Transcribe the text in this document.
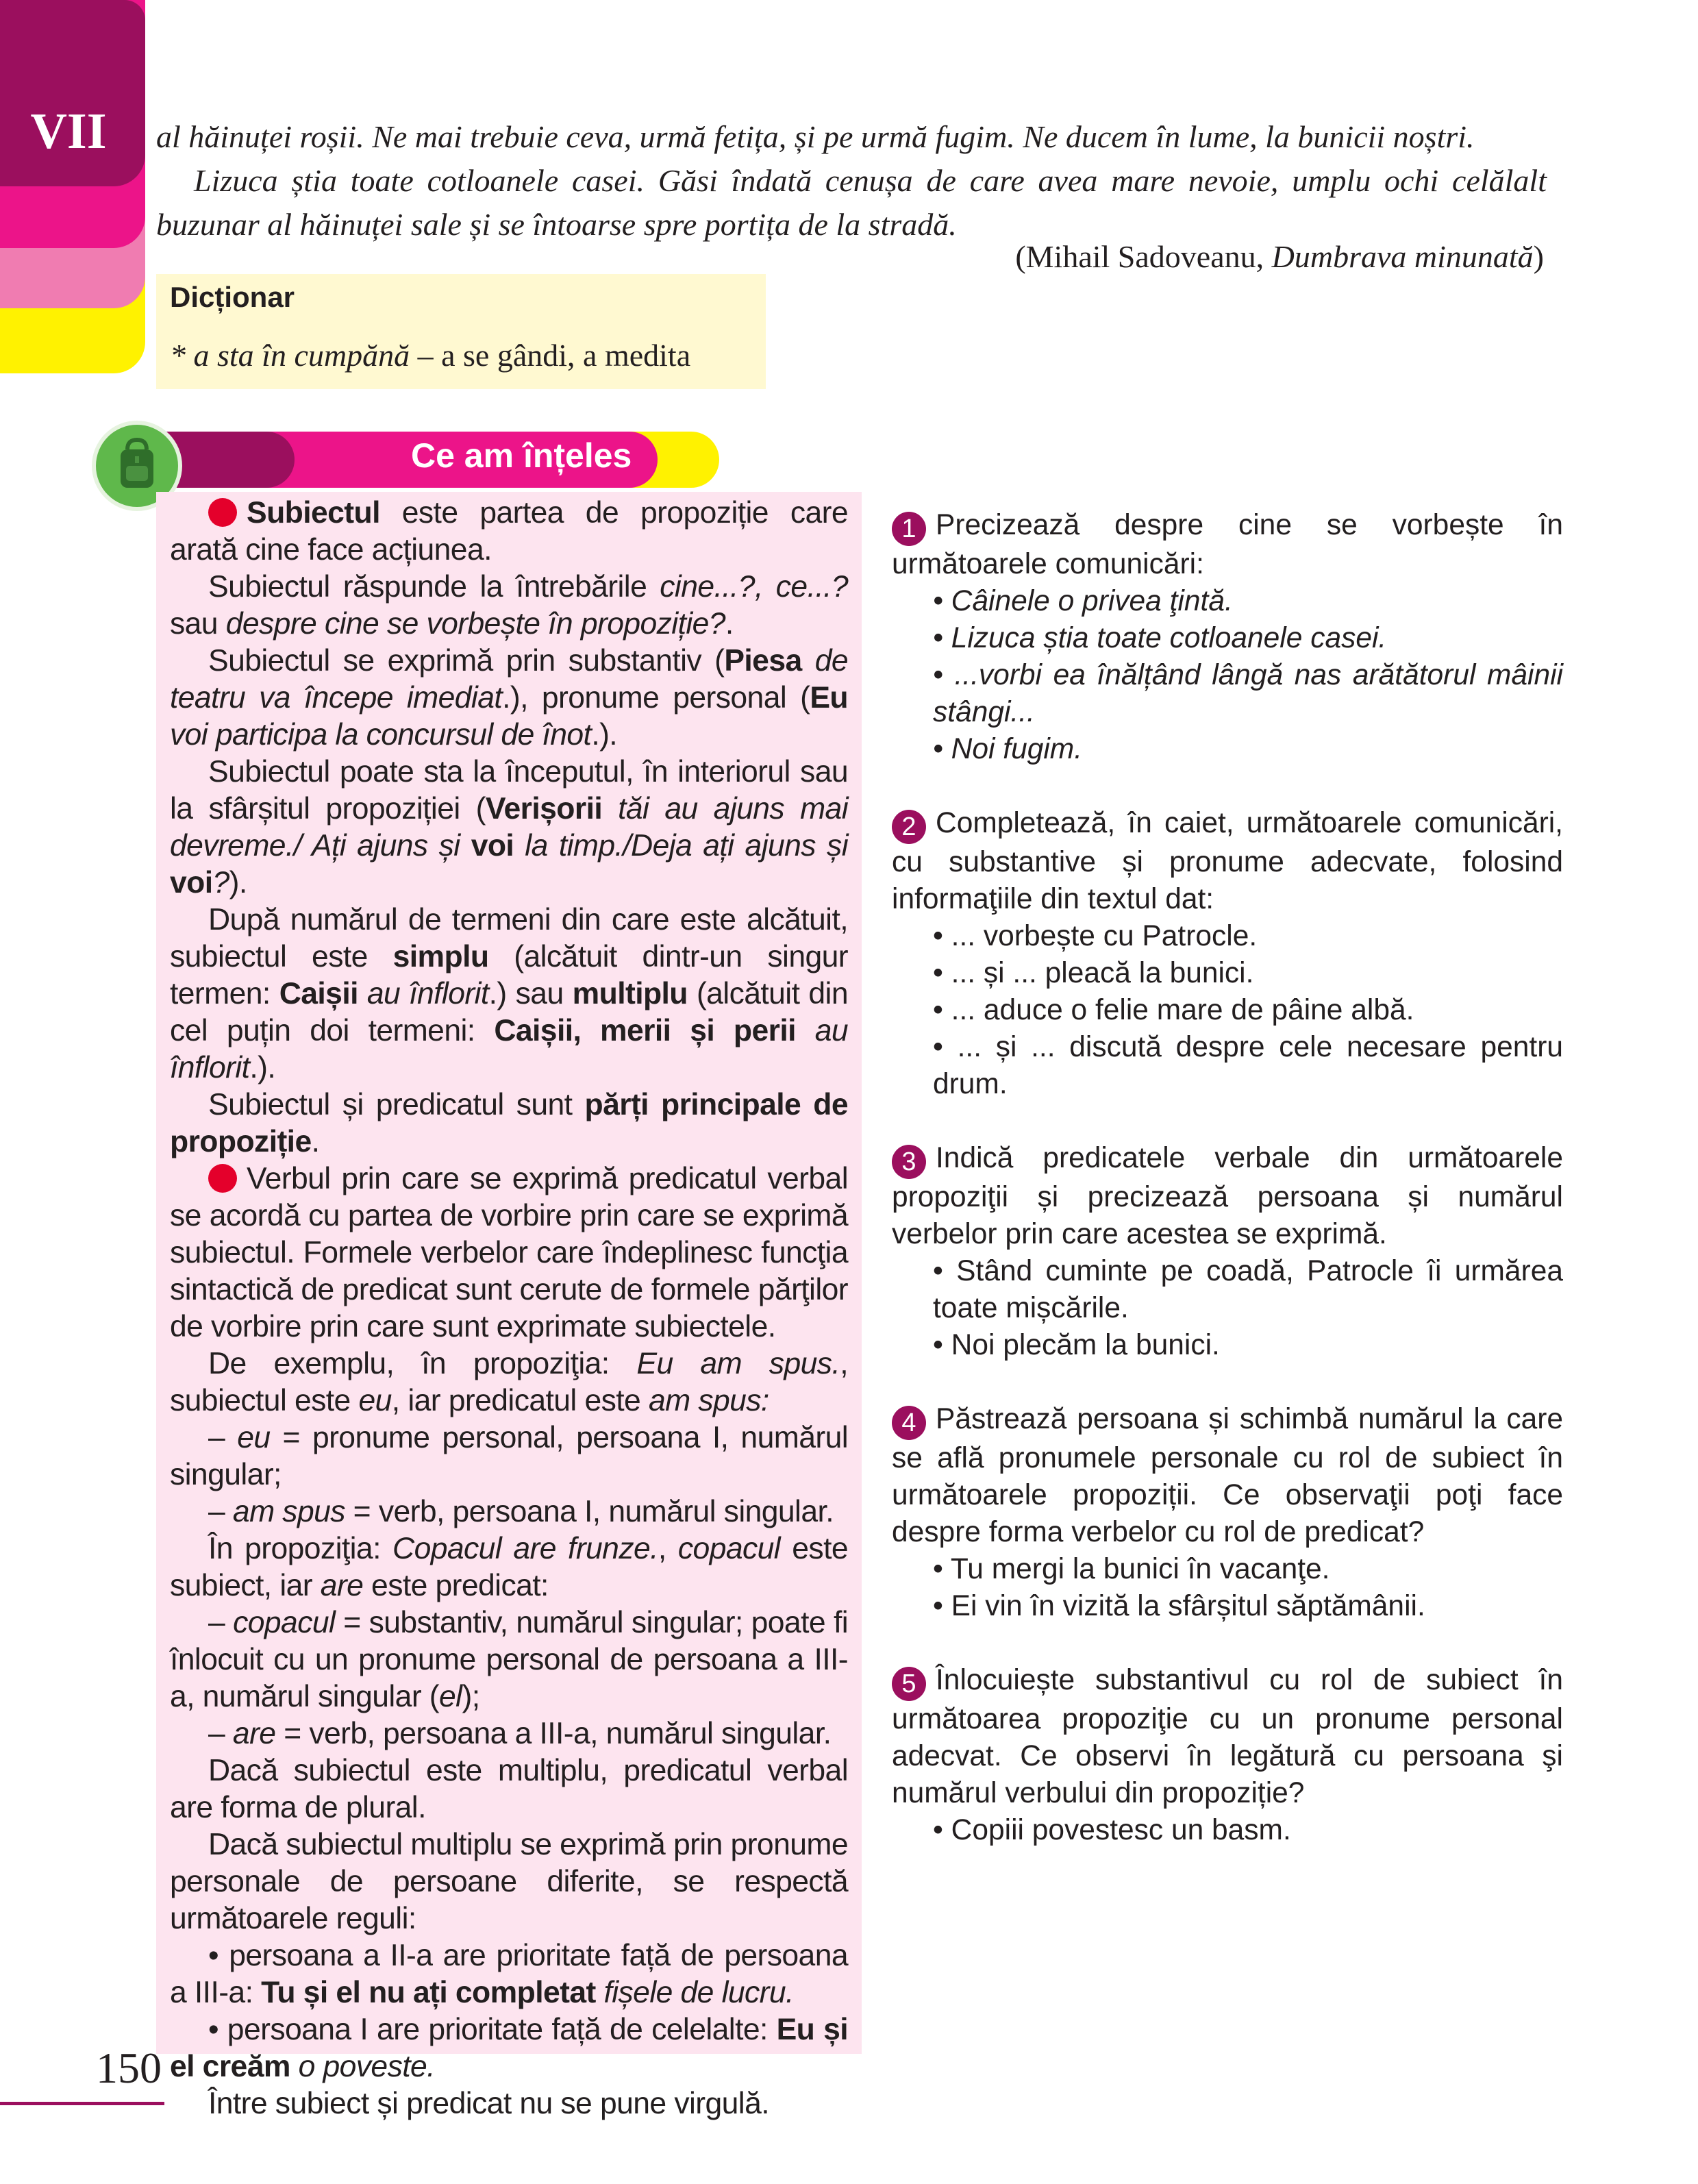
VII	al hăinuței roșii. Ne mai trebuie ceva, urmă fetița, și pe urmă fugim. Ne ducem în lume, la bunicii noștri.

Lizuca știa toate cotloanele casei. Găsi îndată cenușa de care avea mare nevoie, umplu ochi celălalt buzunar al hăinuței sale și se întoarse spre portița de la stradă.

(Mihail Sadoveanu, Dumbrava minunată)
Dicționar
* a sta în cumpănă – a se gândi, a medita
Ce am înțeles

Subiectul este partea de propoziție care arată cine face acțiunea.

Subiectul răspunde la întrebările cine...?, ce...? sau despre cine se vorbește în propoziție?.

Subiectul se exprimă prin substantiv (Piesa de teatru va începe imediat.), pronume personal (Eu voi participa la concursul de înot.).

Subiectul poate sta la începutul, în interiorul sau la sfârșitul propoziției (Verișorii tăi au ajuns mai devreme./ Ați ajuns și voi la timp./Deja ați ajuns și voi?).

După numărul de termeni din care este alcătuit, subiectul este simplu (alcătuit dintr-un singur termen: Caișii au înflorit.) sau multiplu (alcătuit din cel puțin doi termeni: Caișii, merii și perii au înflorit.).

Subiectul și predicatul sunt părți principale de propoziție.

Verbul prin care se exprimă predicatul verbal se acordă cu partea de vorbire prin care se exprimă subiectul. Formele verbelor care îndeplinesc funcţia sintactică de predicat sunt cerute de formele părţilor de vorbire prin care sunt exprimate subiectele.

De exemplu, în propoziţia: Eu am spus., subiectul este eu, iar predicatul este am spus:

– eu = pronume personal, persoana I, numărul singular;

– am spus = verb, persoana I, numărul singular.

În propoziţia: Copacul are frunze., copacul este subiect, iar are este predicat:

– copacul = substantiv, numărul singular; poate fi înlocuit cu un pronume personal de persoana a III-a, numărul singular (el);

– are = verb, persoana a III-a, numărul singular.

Dacă subiectul este multiplu, predicatul verbal are forma de plural.

Dacă subiectul multiplu se exprimă prin pronume personale de persoane diferite, se respectă următoarele reguli:

• persoana a II-a are prioritate față de persoana a III-a: Tu și el nu ați completat fișele de lucru.

• persoana I are prioritate față de celelalte: Eu și el creăm o poveste.

Între subiect și predicat nu se pune virgulă.

1 Precizează despre cine se vorbește în următoarele comunicări:

• Câinele o privea ţintă.

• Lizuca știa toate cotloanele casei.

• ...vorbi ea înălțând lângă nas arătătorul mâinii stângi...

• Noi fugim.

2 Completează, în caiet, următoarele comunicări, cu substantive și pronume adecvate, folosind informaţiile din textul dat:

• ... vorbește cu Patrocle.

• ... și ... pleacă la bunici.

• ... aduce o felie mare de pâine albă.

• ... și ... discută despre cele necesare pentru drum.

3 Indică predicatele verbale din următoarele propoziţii și precizează persoana și numărul verbelor prin care acestea se exprimă.

• Stând cuminte pe coadă, Patrocle îi urmărea toate mișcările.

• Noi plecăm la bunici.

4 Păstrează persoana și schimbă numărul la care se află pronumele personale cu rol de subiect în următoarele propoziții. Ce observaţii poţi face despre forma verbelor cu rol de predicat?

• Tu mergi la bunici în vacanţe.

• Ei vin în vizită la sfârșitul săptămânii.

5 Înlocuiește substantivul cu rol de subiect în următoarea propoziţie cu un pronume personal adecvat. Ce observi în legătură cu persoana şi numărul verbului din propoziție?

• Copiii povestesc un basm.

150
